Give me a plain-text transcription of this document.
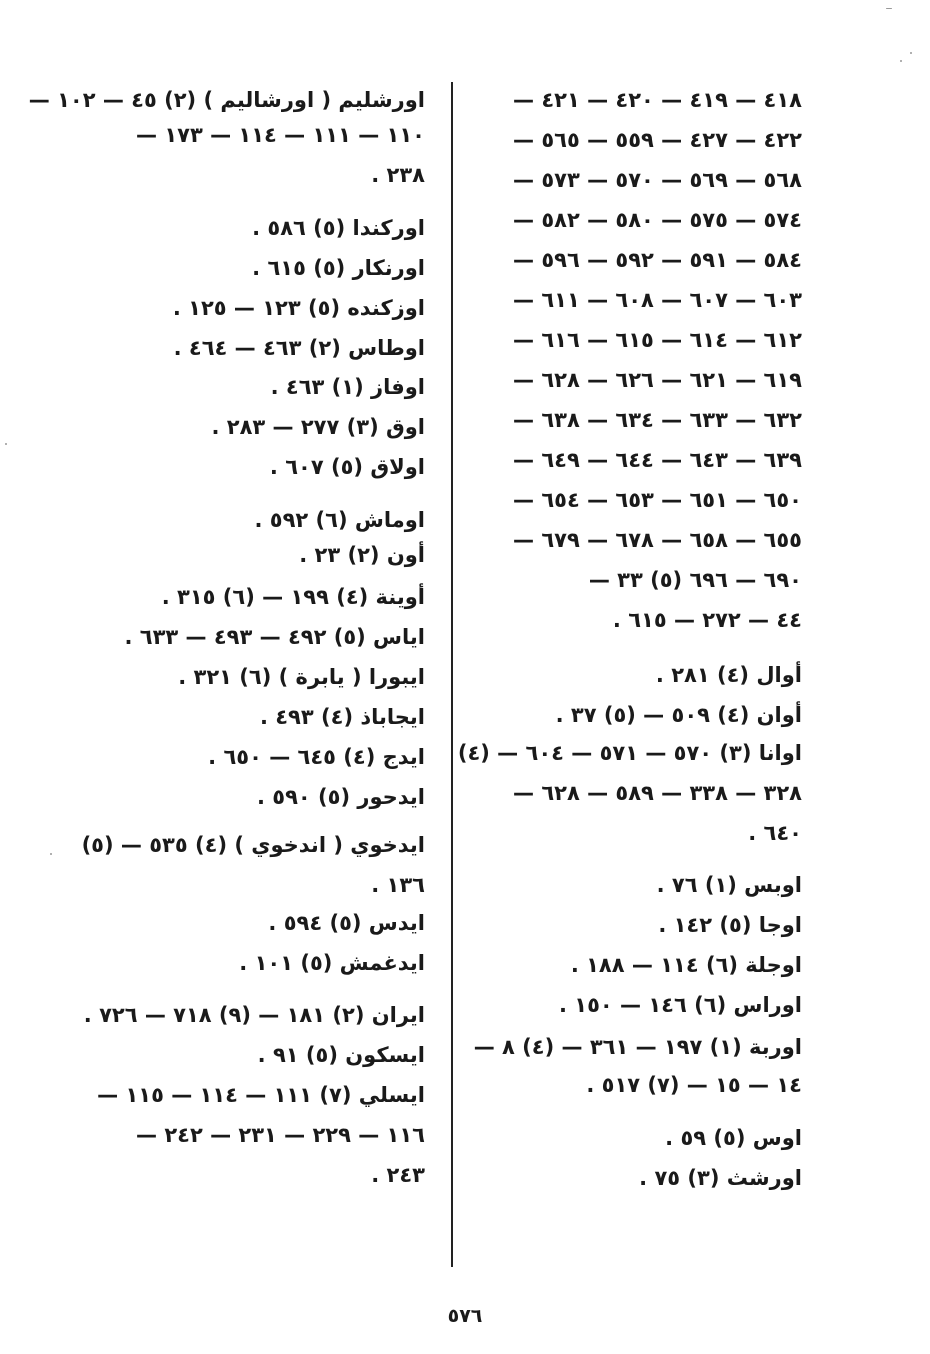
٤١٨ — ٤١٩ — ٤٢٠ — ٤٢١ —
٤٢٢ — ٤٢٧ — ٥٥٩ — ٥٦٥ —
٥٦٨ — ٥٦٩ — ٥٧٠ — ٥٧٣ —
٥٧٤ — ٥٧٥ — ٥٨٠ — ٥٨٢ —
٥٨٤ — ٥٩١ — ٥٩٢ — ٥٩٦ —
٦٠٣ — ٦٠٧ — ٦٠٨ — ٦١١ —
٦١٢ — ٦١٤ — ٦١٥ — ٦١٦ —
٦١٩ — ٦٢١ — ٦٢٦ — ٦٢٨ —
٦٣٢ — ٦٣٣ — ٦٣٤ — ٦٣٨ —
٦٣٩ — ٦٤٣ — ٦٤٤ — ٦٤٩ —
٦٥٠ — ٦٥١ — ٦٥٣ — ٦٥٤ —
٦٥٥ — ٦٥٨ — ٦٧٨ — ٦٧٩ —
٦٩٠ — ٦٩٦ (٥) ٣٣ —
٤٤ — ٢٧٢ — ٦١٥ .
أوال (٤) ٢٨١ .
أوان (٤) ٥٠٩ — (٥) ٣٧ .
اوانا (٣) ٥٧٠ — ٥٧١ — ٦٠٤ — (٤)
٣٢٨ — ٣٣٨ — ٥٨٩ — ٦٢٨ —
٦٤٠ .
اوبس (١) ٧٦ .
اوجا (٥) ١٤٢ .
اوجلة (٦) ١١٤ — ١٨٨ .
اوراس (٦) ١٤٦ — ١٥٠ .
اوربة (١) ١٩٧ — ٣٦١ — (٤) ٨ —
١٤ — ١٥ — (٧) ٥١٧ .
اوس (٥) ٥٩ .
اورشث (٣) ٧٥ .
اورشليم ( اورشاليم ) (٢) ٤٥ — ١٠٢ —
١١٠ — ١١١ — ١١٤ — ١٧٣ —
٢٣٨ .
اوركندا (٥) ٥٨٦ .
اورنكار (٥) ٦١٥ .
اوزكنده (٥) ١٢٣ — ١٢٥ .
اوطاس (٢) ٤٦٣ — ٤٦٤ .
اوفاز (١) ٤٦٣ .
اوق (٣) ٢٧٧ — ٢٨٣ .
اولاق (٥) ٦٠٧ .
اوماش (٦) ٥٩٢ .
أون (٢) ٢٣ .
أوينة (٤) ١٩٩ — (٦) ٣١٥ .
اياس (٥) ٤٩٢ — ٤٩٣ — ٦٣٣ .
ايبورا ( يابرة ) (٦) ٣٢١ .
ايجاباذ (٤) ٤٩٣ .
ايدج (٤) ٦٤٥ — ٦٥٠ .
ايدحور (٥) ٥٩٠ .
ايدخوي ( اندخوي ) (٤) ٥٣٥ — (٥)
١٣٦ .
ايدس (٥) ٥٩٤ .
ايدغمش (٥) ١٠١ .
ايران (٢) ١٨١ — (٩) ٧١٨ — ٧٢٦ .
ايسكون (٥) ٩١ .
ايسلي (٧) ١١١ — ١١٤ — ١١٥ —
١١٦ — ٢٢٩ — ٢٣١ — ٢٤٢ —
٢٤٣ .
٥٧٦
